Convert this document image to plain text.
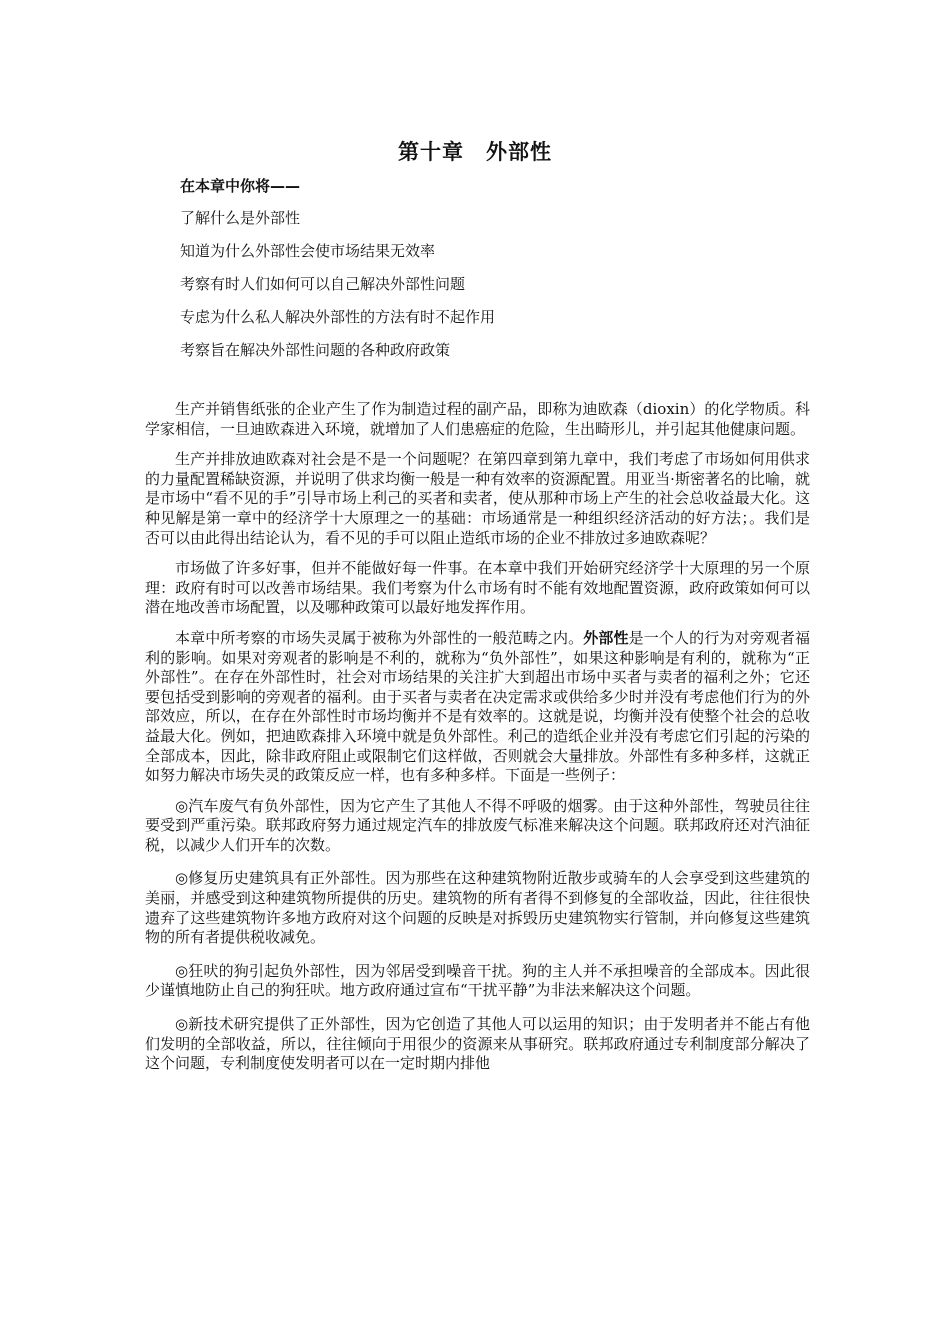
第十章　外部性
在本章中你将——
了解什么是外部性
知道为什么外部性会使市场结果无效率
考察有时人们如何可以自己解决外部性问题
专虑为什么私人解决外部性的方法有时不起作用
考察旨在解决外部性问题的各种政府政策

生产并销售纸张的企业产生了作为制造过程的副产品，即称为迪欧森（dioxin）的化学物质。科学家相信，一旦迪欧森进入环境，就增加了人们患癌症的危险，生出畸形儿，并引起其他健康问题。

生产并排放迪欧森对社会是不是一个问题呢？在第四章到第九章中，我们考虑了市场如何用供求的力量配置稀缺资源，并说明了供求均衡一般是一种有效率的资源配置。用亚当·斯密著名的比喻，就是市场中“看不见的手”引导市场上利己的买者和卖者，使从那种市场上产生的社会总收益最大化。这种见解是第一章中的经济学十大原理之一的基础：市场通常是一种组织经济活动的好方法；。我们是否可以由此得出结论认为，看不见的手可以阻止造纸市场的企业不排放过多迪欧森呢？

市场做了许多好事，但并不能做好每一件事。在本章中我们开始研究经济学十大原理的另一个原理：政府有时可以改善市场结果。我们考察为什么市场有时不能有效地配置资源，政府政策如何可以潜在地改善市场配置，以及哪种政策可以最好地发挥作用。

本章中所考察的市场失灵属于被称为外部性的一般范畴之内。外部性是一个人的行为对旁观者福利的影响。如果对旁观者的影响是不利的，就称为“负外部性”，如果这种影响是有利的，就称为“正外部性”。在存在外部性时，社会对市场结果的关注扩大到超出市场中买者与卖者的福利之外；它还要包括受到影响的旁观者的福利。由于买者与卖者在决定需求或供给多少时并没有考虑他们行为的外部效应，所以，在存在外部性时市场均衡并不是有效率的。这就是说，均衡并没有使整个社会的总收益最大化。例如，把迪欧森排入环境中就是负外部性。利己的造纸企业并没有考虑它们引起的污染的全部成本，因此，除非政府阻止或限制它们这样做，否则就会大量排放。外部性有多种多样，这就正如努力解决市场失灵的政策反应一样，也有多种多样。下面是一些例子：

◎汽车废气有负外部性，因为它产生了其他人不得不呼吸的烟雾。由于这种外部性，驾驶员往往要受到严重污染。联邦政府努力通过规定汽车的排放废气标准来解决这个问题。联邦政府还对汽油征税，以减少人们开车的次数。

◎修复历史建筑具有正外部性。因为那些在这种建筑物附近散步或骑车的人会享受到这些建筑的美丽，并感受到这种建筑物所提供的历史。建筑物的所有者得不到修复的全部收益，因此，往往很快遗弃了这些建筑物许多地方政府对这个问题的反映是对拆毁历史建筑物实行管制，并向修复这些建筑物的所有者提供税收减免。

◎狂吠的狗引起负外部性，因为邻居受到噪音干扰。狗的主人并不承担噪音的全部成本。因此很少谨慎地防止自己的狗狂吠。地方政府通过宣布“干扰平静”为非法来解决这个问题。

◎新技术研究提供了正外部性，因为它创造了其他人可以运用的知识；由于发明者并不能占有他们发明的全部收益，所以，往往倾向于用很少的资源来从事研究。联邦政府通过专利制度部分解决了这个问题，专利制度使发明者可以在一定时期内排他
